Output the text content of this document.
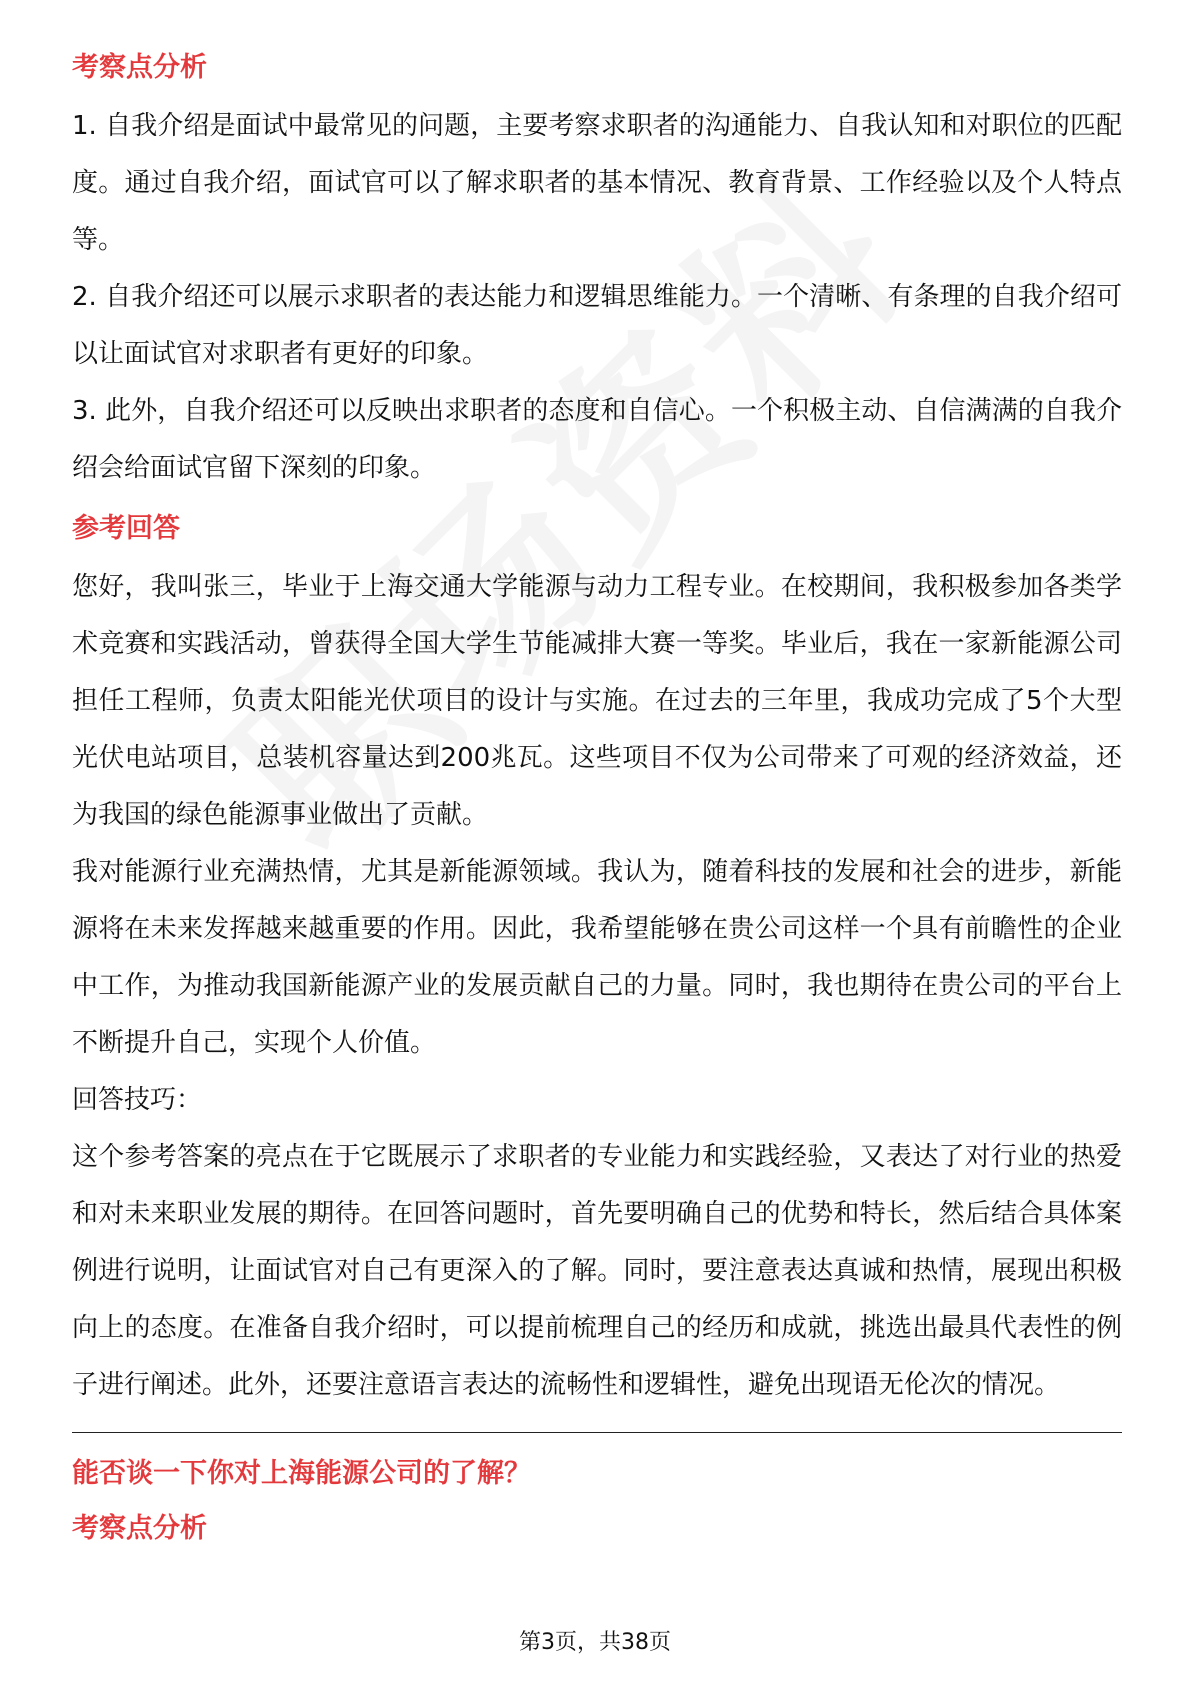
考察点分析

1. 自我介绍是面试中最常见的问题，主要考察求职者的沟通能力、自我认知和对职位的匹配度。通过自我介绍，面试官可以了解求职者的基本情况、教育背景、工作经验以及个人特点等。

2. 自我介绍还可以展示求职者的表达能力和逻辑思维能力。一个清晰、有条理的自我介绍可以让面试官对求职者有更好的印象。

3. 此外，自我介绍还可以反映出求职者的态度和自信心。一个积极主动、自信满满的自我介绍会给面试官留下深刻的印象。

参考回答

您好，我叫张三，毕业于上海交通大学能源与动力工程专业。在校期间，我积极参加各类学术竞赛和实践活动，曾获得全国大学生节能减排大赛一等奖。毕业后，我在一家新能源公司担任工程师，负责太阳能光伏项目的设计与实施。在过去的三年里，我成功完成了5个大型光伏电站项目，总装机容量达到200兆瓦。这些项目不仅为公司带来了可观的经济效益，还为我国的绿色能源事业做出了贡献。

我对能源行业充满热情，尤其是新能源领域。我认为，随着科技的发展和社会的进步，新能源将在未来发挥越来越重要的作用。因此，我希望能够在贵公司这样一个具有前瞻性的企业中工作，为推动我国新能源产业的发展贡献自己的力量。同时，我也期待在贵公司的平台上不断提升自己，实现个人价值。

回答技巧：

这个参考答案的亮点在于它既展示了求职者的专业能力和实践经验，又表达了对行业的热爱和对未来职业发展的期待。在回答问题时，首先要明确自己的优势和特长，然后结合具体案例进行说明，让面试官对自己有更深入的了解。同时，要注意表达真诚和热情，展现出积极向上的态度。在准备自我介绍时，可以提前梳理自己的经历和成就，挑选出最具代表性的例子进行阐述。此外，还要注意语言表达的流畅性和逻辑性，避免出现语无伦次的情况。

能否谈一下你对上海能源公司的了解？
考察点分析
第3页，共38页
